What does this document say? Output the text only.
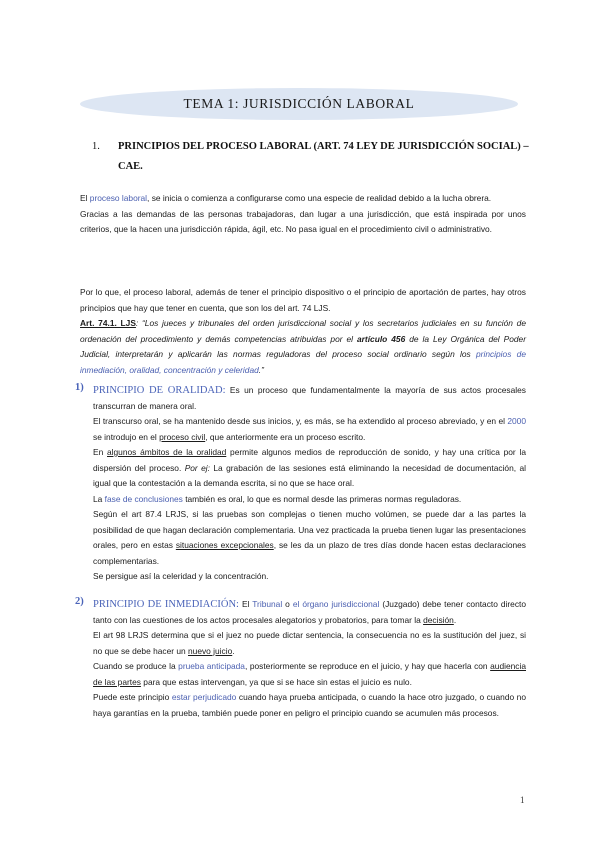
TEMA 1: JURISDICCIÓN LABORAL
1. PRINCIPIOS DEL PROCESO LABORAL (ART. 74 LEY DE JURISDICCIÓN SOCIAL) –
CAE.

El proceso laboral, se inicia o comienza a configurarse como una especie de realidad debido a la lucha obrera.

Gracias a las demandas de las personas trabajadoras, dan lugar a una jurisdicción, que está inspirada por unos criterios, que la hacen una jurisdicción rápida, ágil, etc. No pasa igual en el procedimiento civil o administrativo.

Por lo que, el proceso laboral, además de tener el principio dispositivo o el principio de aportación de partes, hay otros principios que hay que tener en cuenta, que son los del art. 74 LJS.

Art. 74.1. LJS: “Los jueces y tribunales del orden jurisdiccional social y los secretarios judiciales en su función de ordenación del procedimiento y demás competencias atribuidas por el artículo 456 de la Ley Orgánica del Poder Judicial, interpretarán y aplicarán las normas reguladoras del proceso social ordinario según los principios de inmediación, oralidad, concentración y celeridad.”

1) PRINCIPIO DE ORALIDAD: Es un proceso que fundamentalmente la mayoría de sus actos procesales transcurran de manera oral.

El transcurso oral, se ha mantenido desde sus inicios, y, es más, se ha extendido al proceso abreviado, y en el 2000 se introdujo en el proceso civil, que anteriormente era un proceso escrito.

En algunos ámbitos de la oralidad permite algunos medios de reproducción de sonido, y hay una crítica por la dispersión del proceso. Por ej: La grabación de las sesiones está eliminando la necesidad de documentación, al igual que la contestación a la demanda escrita, si no que se hace oral.

La fase de conclusiones también es oral, lo que es normal desde las primeras normas reguladoras.

Según el art 87.4 LRJS, si las pruebas son complejas o tienen mucho volúmen, se puede dar a las partes la posibilidad de que hagan declaración complementaria. Una vez practicada la prueba tienen lugar las presentaciones orales, pero en estas situaciones excepcionales, se les da un plazo de tres días donde hacen estas declaraciones complementarias.

Se persigue así la celeridad y la concentración.

2) PRINCIPIO DE INMEDIACIÓN: El Tribunal o el órgano jurisdiccional (Juzgado) debe tener contacto directo tanto con las cuestiones de los actos procesales alegatorios y probatorios, para tomar la decisión.

El art 98 LRJS determina que si el juez no puede dictar sentencia, la consecuencia no es la sustitución del juez, si no que se debe hacer un nuevo juicio.

Cuando se produce la prueba anticipada, posteriormente se reproduce en el juicio, y hay que hacerla con audiencia de las partes para que estas intervengan, ya que si se hace sin estas el juicio es nulo.

Puede este principio estar perjudicado cuando haya prueba anticipada, o cuando la hace otro juzgado, o cuando no haya garantías en la prueba, también puede poner en peligro el principio cuando se acumulen más procesos.

1
